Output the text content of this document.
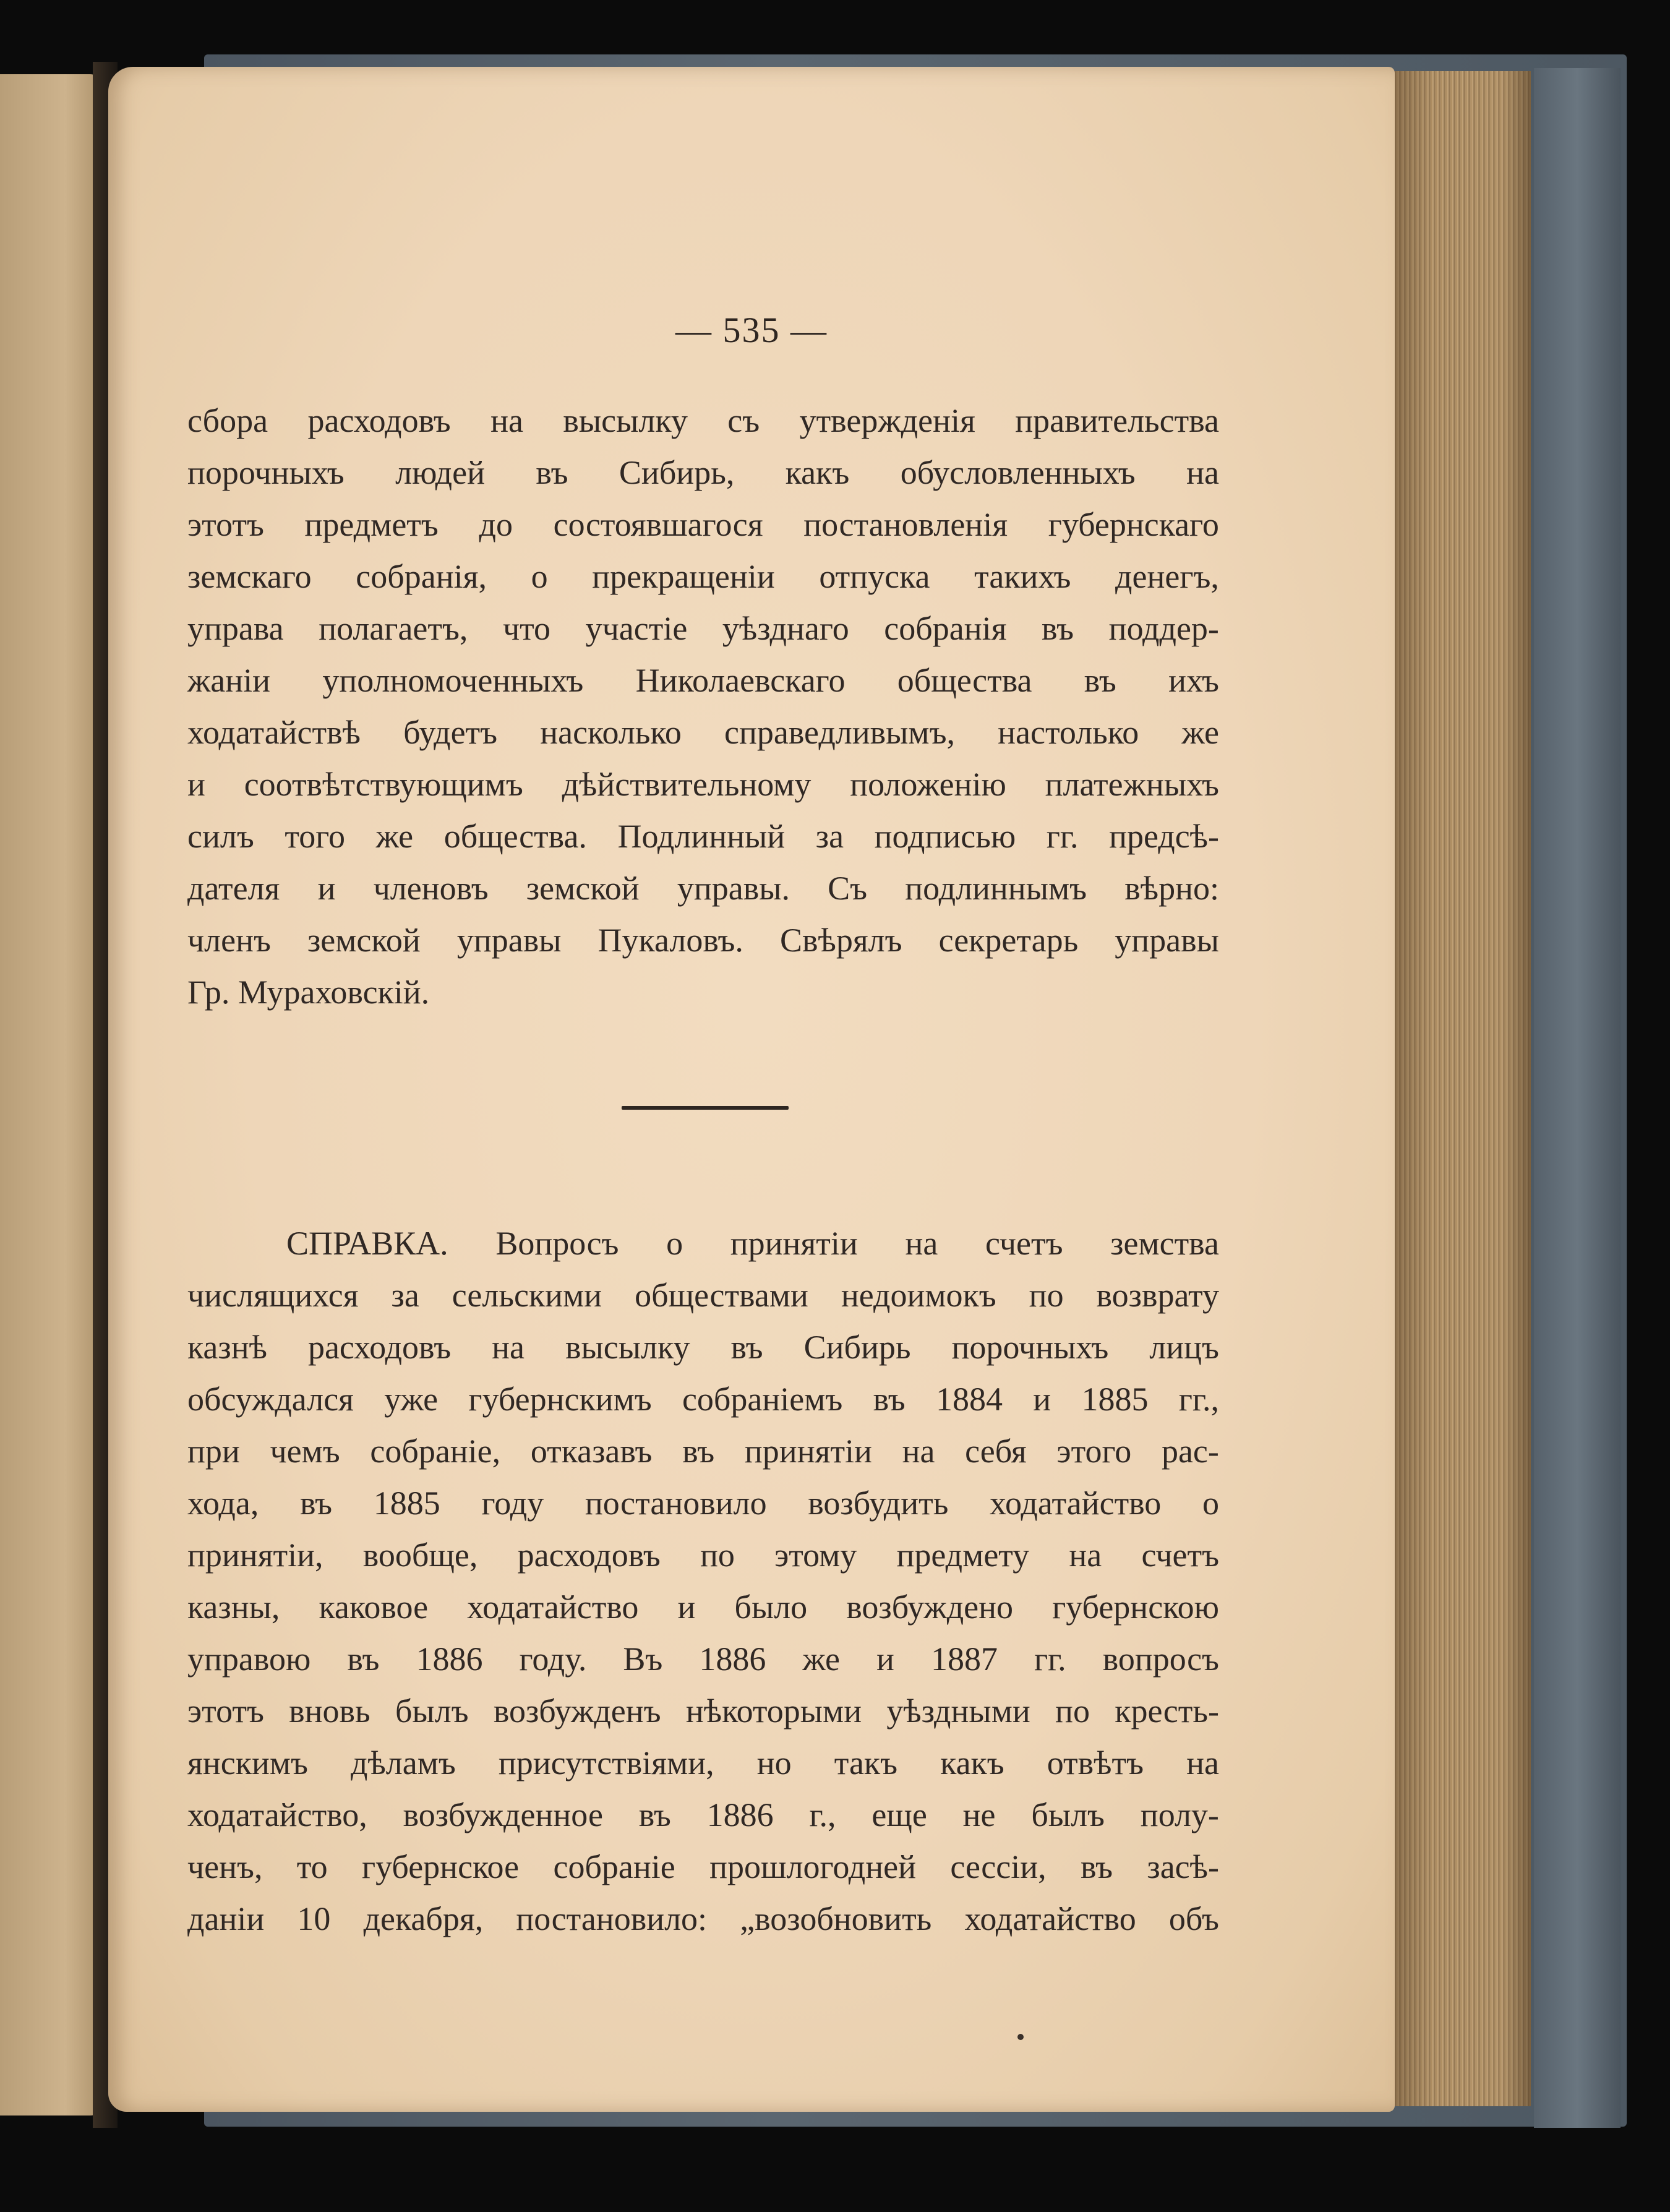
— 535 —
сбора расходовъ на высылку съ утвержденія правительства
порочныхъ людей въ Сибирь, какъ обусловленныхъ на
этотъ предметъ до состоявшагося постановленія губернскаго
земскаго собранія, о прекращеніи отпуска такихъ денегъ,
управа полагаетъ, что участіе уѣзднаго собранія въ поддер-
жаніи уполномоченныхъ Николаевскаго общества въ ихъ
ходатайствѣ будетъ насколько справедливымъ, настолько же
и соотвѣтствующимъ дѣйствительному положенію платежныхъ
силъ того же общества. Подлинный за подписью гг. предсѣ-
дателя и членовъ земской управы. Съ подлиннымъ вѣрно:
членъ земской управы Пукаловъ. Свѣрялъ секретарь управы
Гр. Мураховскій.
СПРАВКА. Вопросъ о принятіи на счетъ земства
числящихся за сельскими обществами недоимокъ по возврату
казнѣ расходовъ на высылку въ Сибирь порочныхъ лицъ
обсуждался уже губернскимъ собраніемъ въ 1884 и 1885 гг.,
при чемъ собраніе, отказавъ въ принятіи на себя этого рас-
хода, въ 1885 году постановило возбудить ходатайство о
принятіи, вообще, расходовъ по этому предмету на счетъ
казны, каковое ходатайство и было возбуждено губернскою
управою въ 1886 году. Въ 1886 же и 1887 гг. вопросъ
этотъ вновь былъ возбужденъ нѣкоторыми уѣздными по кресть-
янскимъ дѣламъ присутствіями, но такъ какъ отвѣтъ на
ходатайство, возбужденное въ 1886 г., еще не былъ полу-
ченъ, то губернское собраніе прошлогодней сессіи, въ засѣ-
даніи 10 декабря, постановило: „возобновить ходатайство объ
